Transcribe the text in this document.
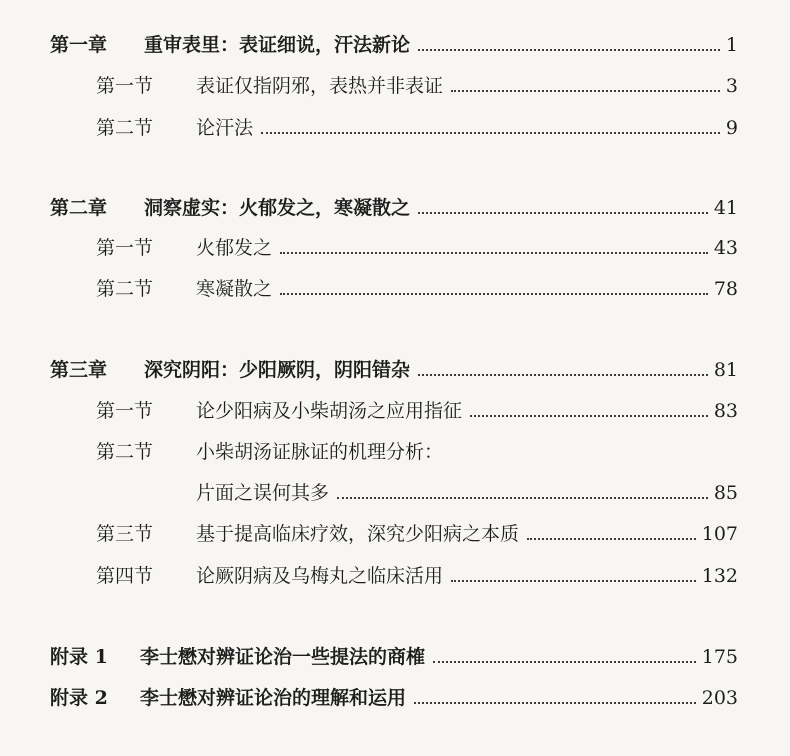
第一章	重审表里：表证细说，汗法新论	1
第一节	表证仅指阴邪，表热并非表证	3
第二节	论汗法	9
第二章	洞察虚实：火郁发之，寒凝散之	41
第一节	火郁发之	43
第二节	寒凝散之	78
第三章	深究阴阳：少阳厥阴，阴阳错杂	81
第一节	论少阳病及小柴胡汤之应用指征	83
第二节	小柴胡汤证脉证的机理分析：
片面之误何其多	85
第三节	基于提高临床疗效，深究少阳病之本质	107
第四节	论厥阴病及乌梅丸之临床活用	132
附录 1	李士懋对辨证论治一些提法的商榷	175
附录 2	李士懋对辨证论治的理解和运用	203
